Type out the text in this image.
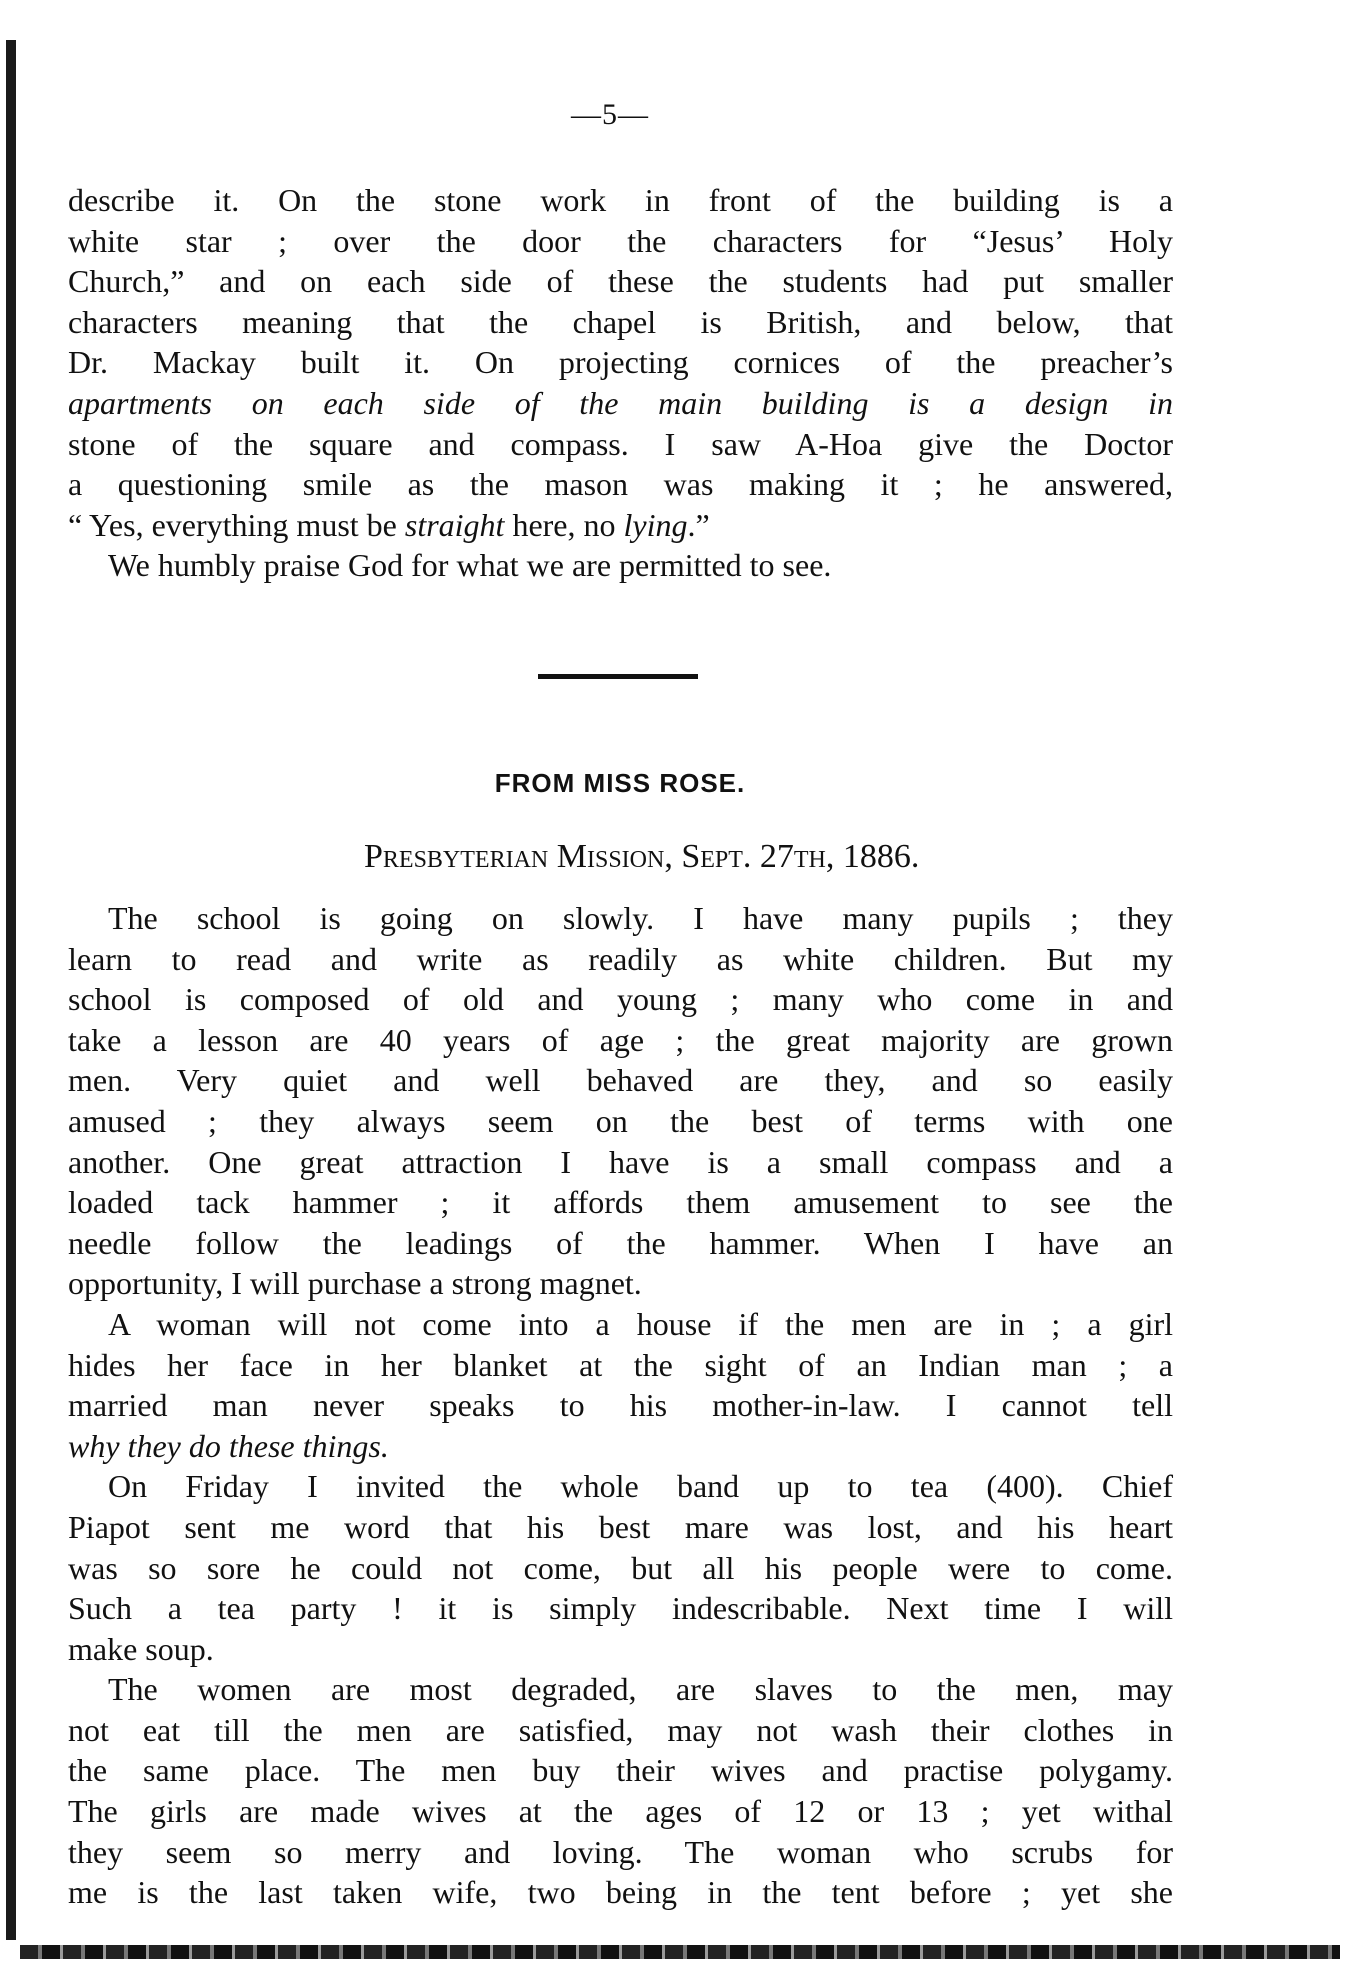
—5—
describe it. On the stone work in front of the building is a
white star ; over the door the characters for “Jesus’ Holy
Church,” and on each side of these the students had put smaller
characters meaning that the chapel is British, and below, that
Dr. Mackay built it. On projecting cornices of the preacher’s
apartments on each side of the main building is a design in
stone of the square and compass. I saw A-Hoa give the Doctor
a questioning smile as the mason was making it ; he answered,
“ Yes, everything must be straight here, no lying.”
We humbly praise God for what we are permitted to see.
FROM MISS ROSE.
Presbyterian Mission, Sept. 27th, 1886.
The school is going on slowly. I have many pupils ; they
learn to read and write as readily as white children. But my
school is composed of old and young ; many who come in and
take a lesson are 40 years of age ; the great majority are grown
men. Very quiet and well behaved are they, and so easily
amused ; they always seem on the best of terms with one
another. One great attraction I have is a small compass and a
loaded tack hammer ; it affords them amusement to see the
needle follow the leadings of the hammer. When I have an
opportunity, I will purchase a strong magnet.
A woman will not come into a house if the men are in ; a girl
hides her face in her blanket at the sight of an Indian man ; a
married man never speaks to his mother-in-law. I cannot tell
why they do these things.
On Friday I invited the whole band up to tea (400). Chief
Piapot sent me word that his best mare was lost, and his heart
was so sore he could not come, but all his people were to come.
Such a tea party ! it is simply indescribable. Next time I will
make soup.
The women are most degraded, are slaves to the men, may
not eat till the men are satisfied, may not wash their clothes in
the same place. The men buy their wives and practise polygamy.
The girls are made wives at the ages of 12 or 13 ; yet withal
they seem so merry and loving. The woman who scrubs for
me is the last taken wife, two being in the tent before ; yet she
